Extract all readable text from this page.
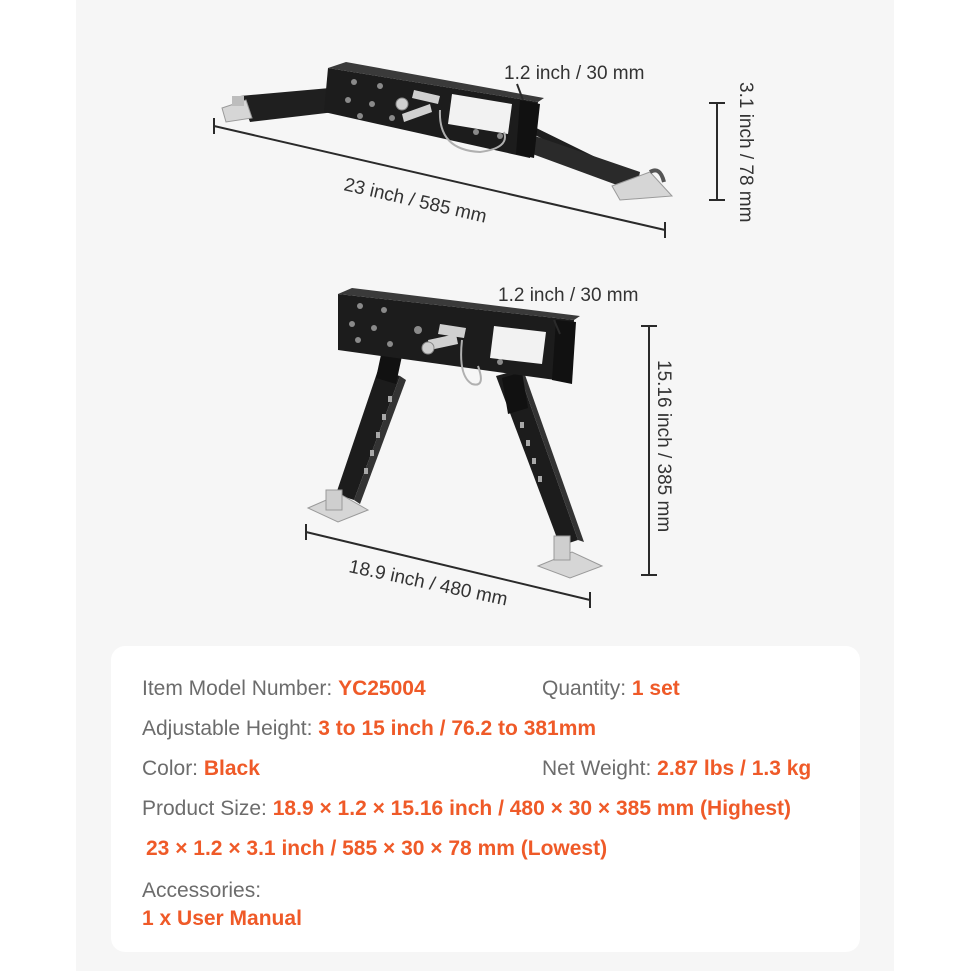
1.2 inch / 30 mm
23 inch / 585 mm	3.1 inch / 78 mm
1.2 inch / 30 mm
18.9 inch / 480 mm
15.16 inch / 385 mm
Item Model Number: YC25004	Quantity: 1 set
Adjustable Height: 3 to 15 inch / 76.2 to 381mm
Color: Black	Net Weight: 2.87 lbs / 1.3 kg
Product Size: 18.9 × 1.2 × 15.16 inch / 480 × 30 × 385 mm (Highest)
23 × 1.2 × 3.1 inch / 585 × 30 × 78 mm (Lowest)
Accessories:
1 x User Manual
